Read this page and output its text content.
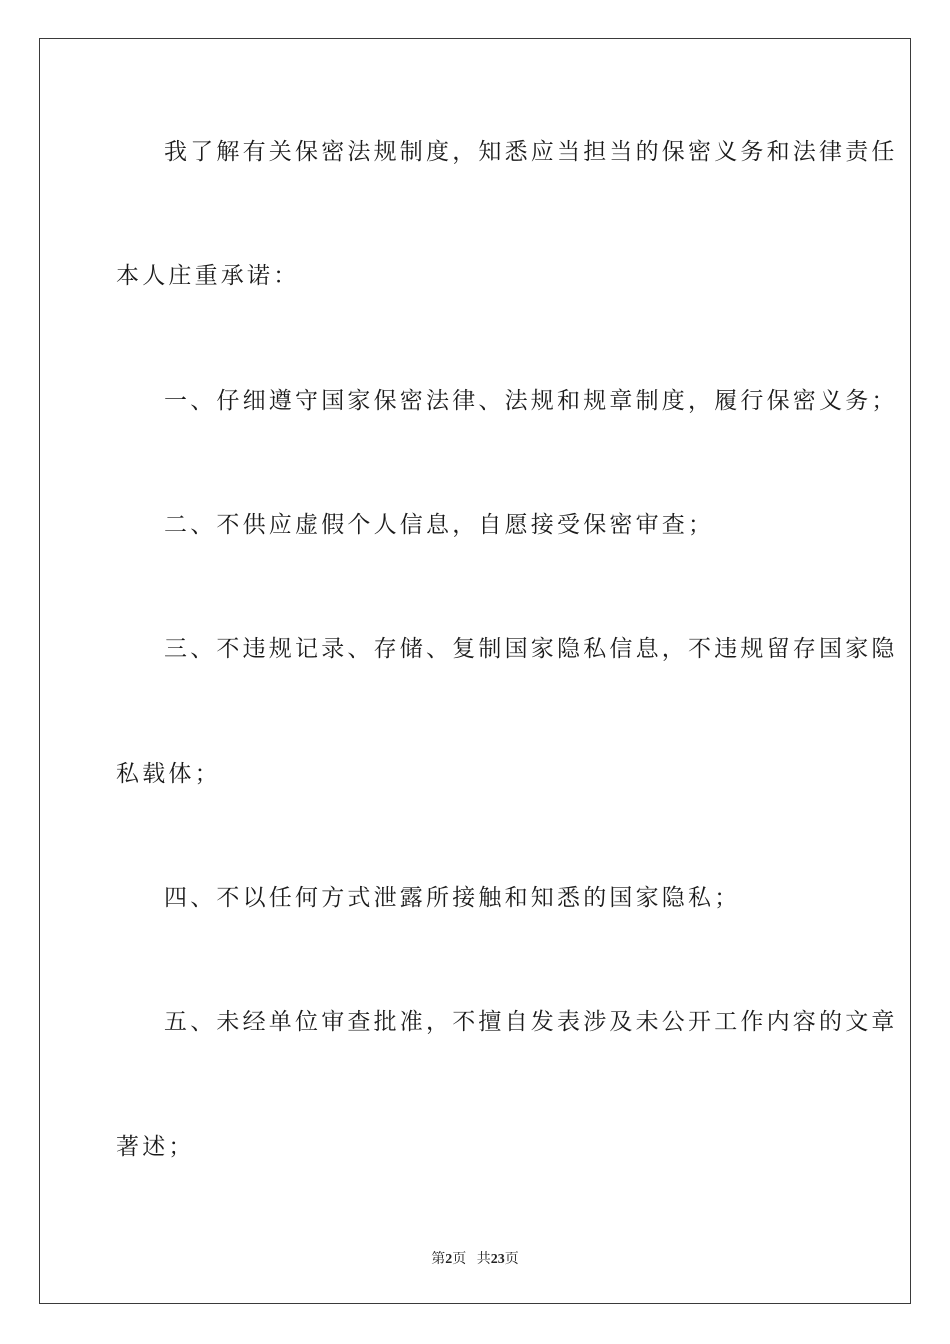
我了解有关保密法规制度，知悉应当担当的保密义务和法律责任
本人庄重承诺：
一、仔细遵守国家保密法律、法规和规章制度，履行保密义务；
二、不供应虚假个人信息，自愿接受保密审查；
三、不违规记录、存储、复制国家隐私信息，不违规留存国家隐
私载体；
四、不以任何方式泄露所接触和知悉的国家隐私；
五、未经单位审查批准，不擅自发表涉及未公开工作内容的文章
著述；
第2页 共23页
